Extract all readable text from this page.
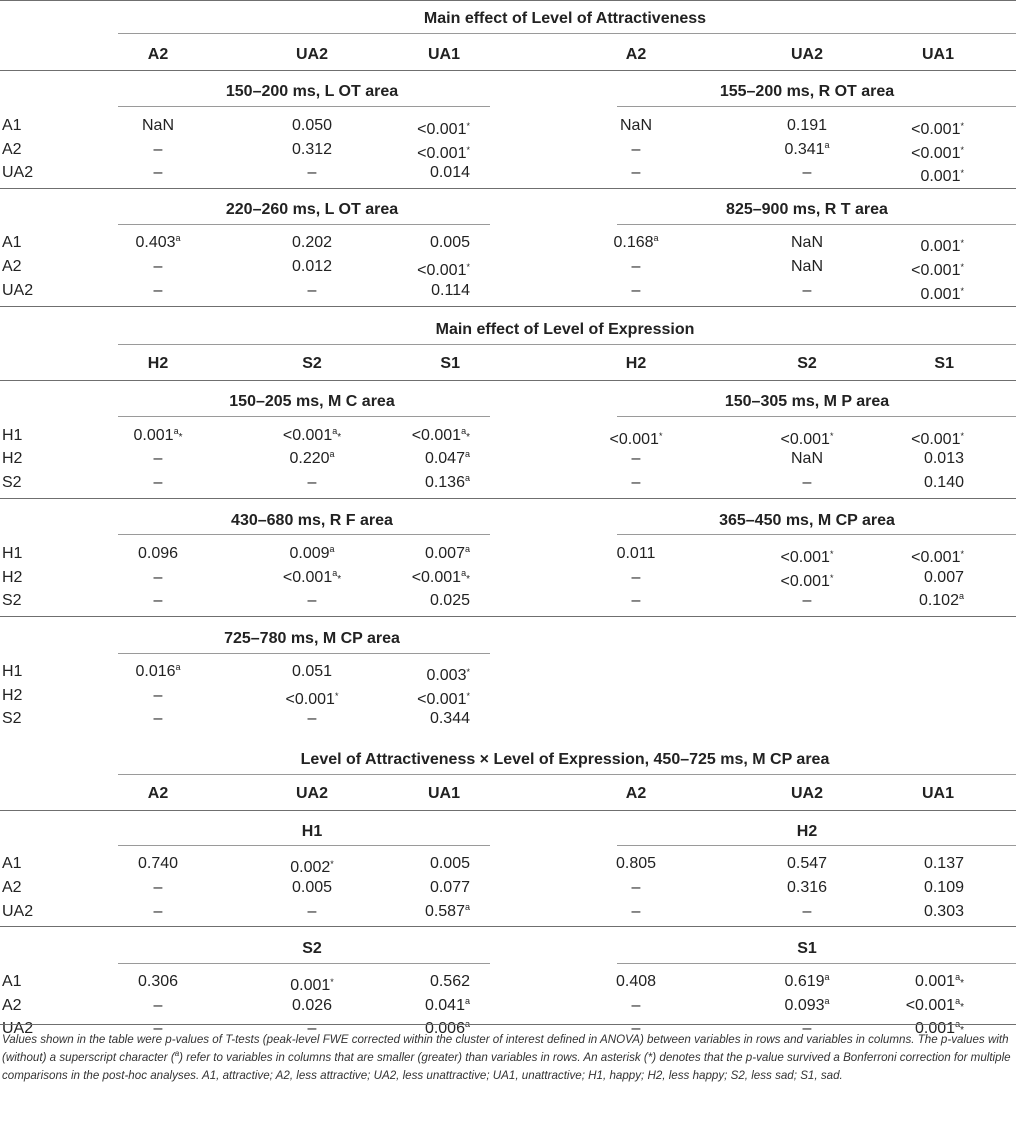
Values shown in the table were p-values of T-tests (peak-level FWE corrected within the cluster of interest defined in ANOVA) between variables in rows and variables in columns. The p-values with (without) a superscript character ($^a$) refer to variables in columns that are smaller (greater) than variables in rows. An asterisk (*) denotes that the p-value survived a Bonferroni correction for multiple comparisons in the post-hoc analyses. A1, attractive; A2, less attractive; UA2, less unattractive; UA1, unattractive; H1, happy; H2, less happy; S2, less sad; S1, sad.
Main effect of Level of Attractiveness
A2	UA2	UA1	A2	UA2	UA1
150–200 ms, L OT area	155–200 ms, R OT area
A1	NaN	0.050	<0.001*	NaN	0.191	<0.001*
A2	–	0.312	<0.001*	–	0.341$^a$	<0.001*
UA2	–	–	0.014	–	–	0.001*
220–260 ms, L OT area	825–900 ms, R T area
A1	0.403$^a$	0.202	0.005	0.168$^a$	NaN	0.001*
A2	–	0.012	<0.001*	–	NaN	<0.001*
UA2	–	–	0.114	–	–	0.001*
Main effect of Level of Expression
H2	S2	S1	H2	S2	S1
150–205 ms, M C area	150–305 ms, M P area
H1	0.001$^a$*	<0.001$^a$*	<0.001$^a$*	<0.001*	<0.001*	<0.001*
H2	–	0.220$^a$	0.047$^a$	–	NaN	0.013
S2	–	–	0.136$^a$	–	–	0.140
430–680 ms, R F area	365–450 ms, M CP area
H1	0.096	0.009$^a$	0.007$^a$	0.011	<0.001*	<0.001*
H2	–	<0.001$^a$*	<0.001$^a$*	–	<0.001*	0.007
S2	–	–	0.025	–	–	0.102$^a$
725–780 ms, M CP area
H1	0.016$^a$	0.051	0.003*
H2	–	<0.001*	<0.001*
S2	–	–	0.344
Level of Attractiveness × Level of Expression, 450–725 ms, M CP area
A2	UA2	UA1	A2	UA2	UA1
H1	H2
A1	0.740	0.002*	0.005	0.805	0.547	0.137
A2	–	0.005	0.077	–	0.316	0.109
UA2	–	–	0.587$^a$	–	–	0.303
S2	S1
A1	0.306	0.001*	0.562	0.408	0.619$^a$	0.001$^a$*
A2	–	0.026	0.041$^a$	–	0.093$^a$	<0.001$^a$*
UA2	–	–	0.006$^a$	–	–	0.001$^a$*
